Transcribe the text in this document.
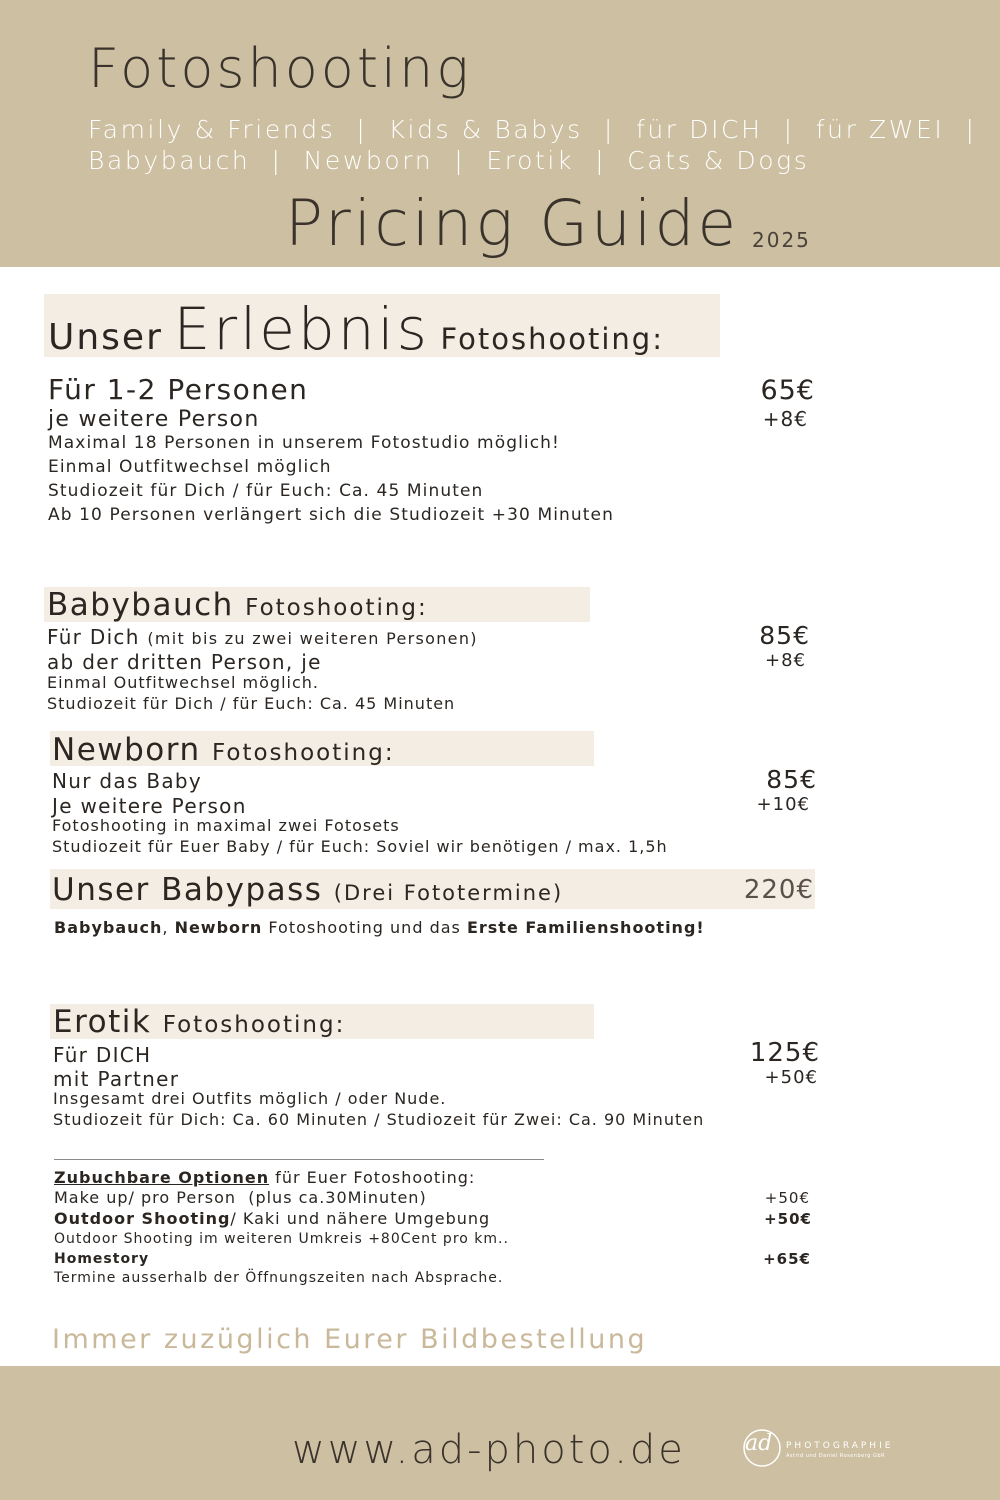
Fotoshooting
Family & Friends  |  Kids & Babys  |  für DICH  |  für ZWEI  |
Babybauch  |  Newborn  |  Erotik  |  Cats & Dogs
Pricing Guide 2025
Unser Erlebnis Fotoshooting:
Für 1-2 Personen	65€
je weitere Person	+8€
Maximal 18 Personen in unserem Fotostudio möglich!
Einmal Outfitwechsel möglich
Studiozeit für Dich / für Euch: Ca. 45 Minuten
Ab 10 Personen verlängert sich die Studiozeit +30 Minuten
Babybauch Fotoshooting:
Für Dich (mit bis zu zwei weiteren Personen)	85€
ab der dritten Person, je	+8€
Einmal Outfitwechsel möglich.
Studiozeit für Dich / für Euch: Ca. 45 Minuten
Newborn Fotoshooting:
Nur das Baby	85€
Je weitere Person	+10€
Fotoshooting in maximal zwei Fotosets
Studiozeit für Euer Baby / für Euch: Soviel wir benötigen / max. 1,5h
Unser Babypass (Drei Fototermine)	220€
Babybauch, Newborn Fotoshooting und das Erste Familienshooting!
Erotik Fotoshooting:
Für DICH	125€
mit Partner	+50€
Insgesamt drei Outfits möglich / oder Nude.
Studiozeit für Dich: Ca. 60 Minuten / Studiozeit für Zwei: Ca. 90 Minuten
Zubuchbare Optionen für Euer Fotoshooting:
Make up/ pro Person  (plus ca.30Minuten)	+50€
Outdoor Shooting/ Kaki und nähere Umgebung	+50€
Outdoor Shooting im weiteren Umkreis +80Cent pro km..
Homestory	+65€
Termine ausserhalb der Öffnungszeiten nach Absprache.
Immer zuzüglich Eurer Bildbestellung
www.ad-photo.de	ad PHOTOGRAPHIE
Astrid und Daniel Rosenberg GbR
